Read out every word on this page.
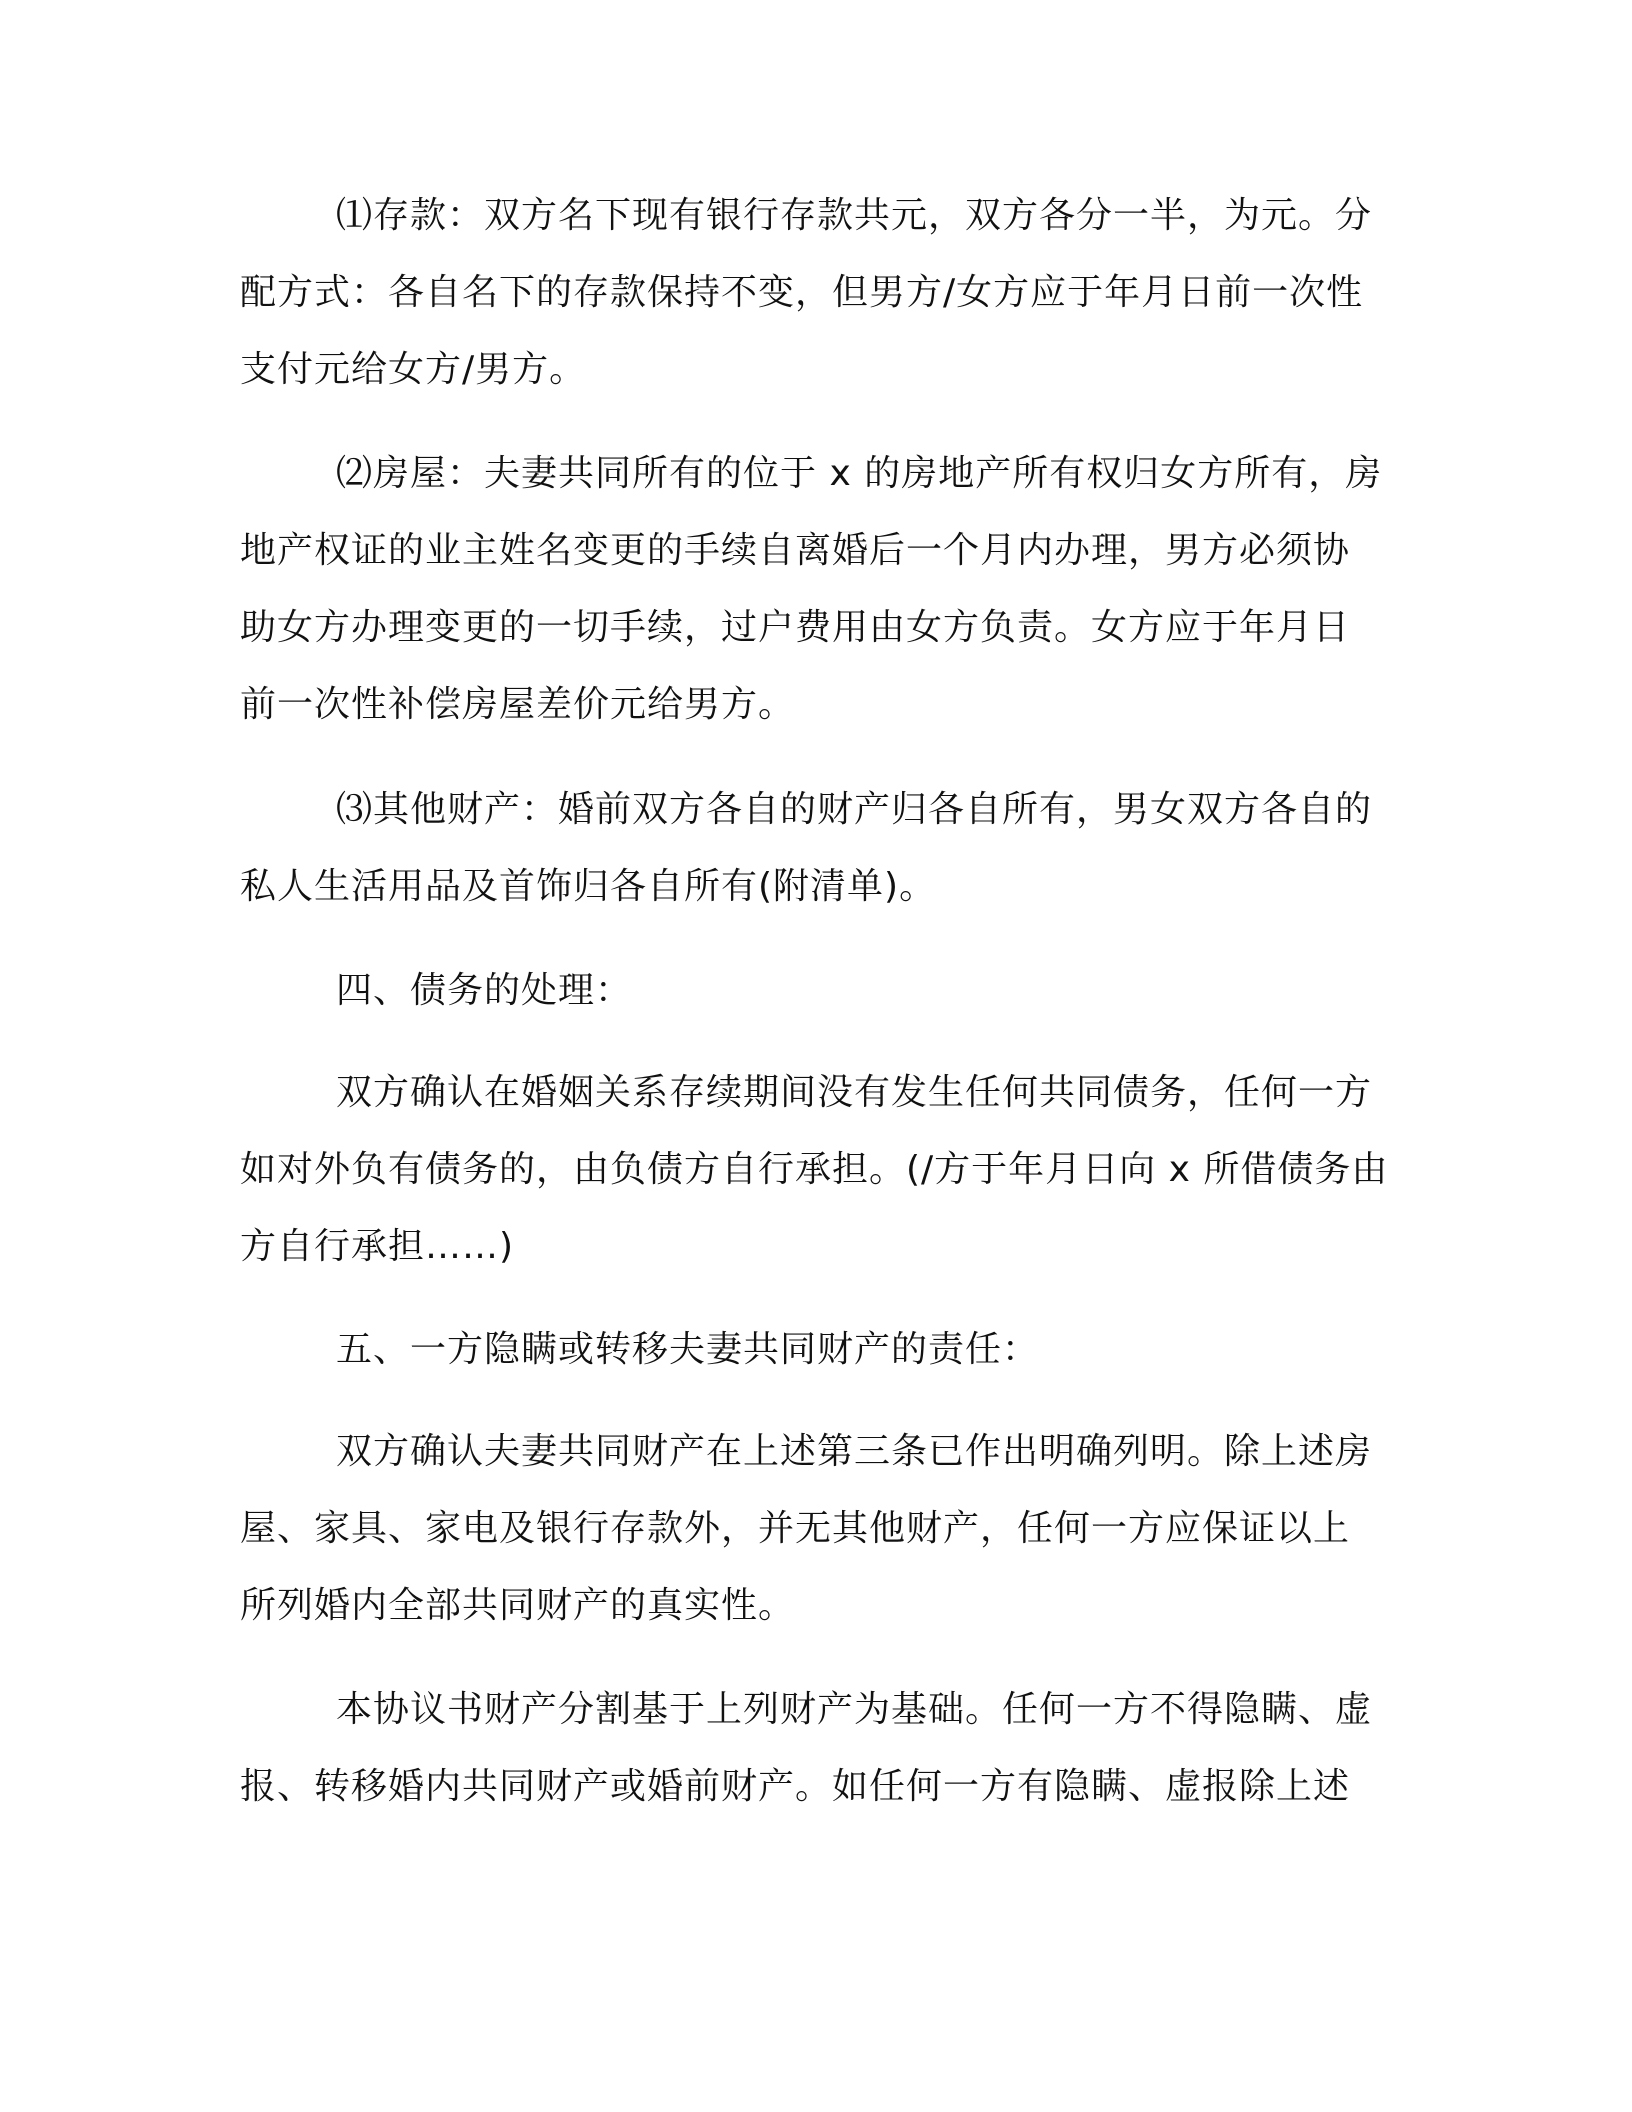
⑴存款：双方名下现有银行存款共元，双方各分一半，为元。分
配方式：各自名下的存款保持不变，但男方/女方应于年月日前一次性
支付元给女方/男方。
⑵房屋：夫妻共同所有的位于 x 的房地产所有权归女方所有，房
地产权证的业主姓名变更的手续自离婚后一个月内办理，男方必须协
助女方办理变更的一切手续，过户费用由女方负责。女方应于年月日
前一次性补偿房屋差价元给男方。
⑶其他财产：婚前双方各自的财产归各自所有，男女双方各自的
私人生活用品及首饰归各自所有(附清单)。
四、债务的处理：
双方确认在婚姻关系存续期间没有发生任何共同债务，任何一方
如对外负有债务的，由负债方自行承担。(/方于年月日向 x 所借债务由
方自行承担……)
五、一方隐瞒或转移夫妻共同财产的责任：
双方确认夫妻共同财产在上述第三条已作出明确列明。除上述房
屋、家具、家电及银行存款外，并无其他财产，任何一方应保证以上
所列婚内全部共同财产的真实性。
本协议书财产分割基于上列财产为基础。任何一方不得隐瞒、虚
报、转移婚内共同财产或婚前财产。如任何一方有隐瞒、虚报除上述
